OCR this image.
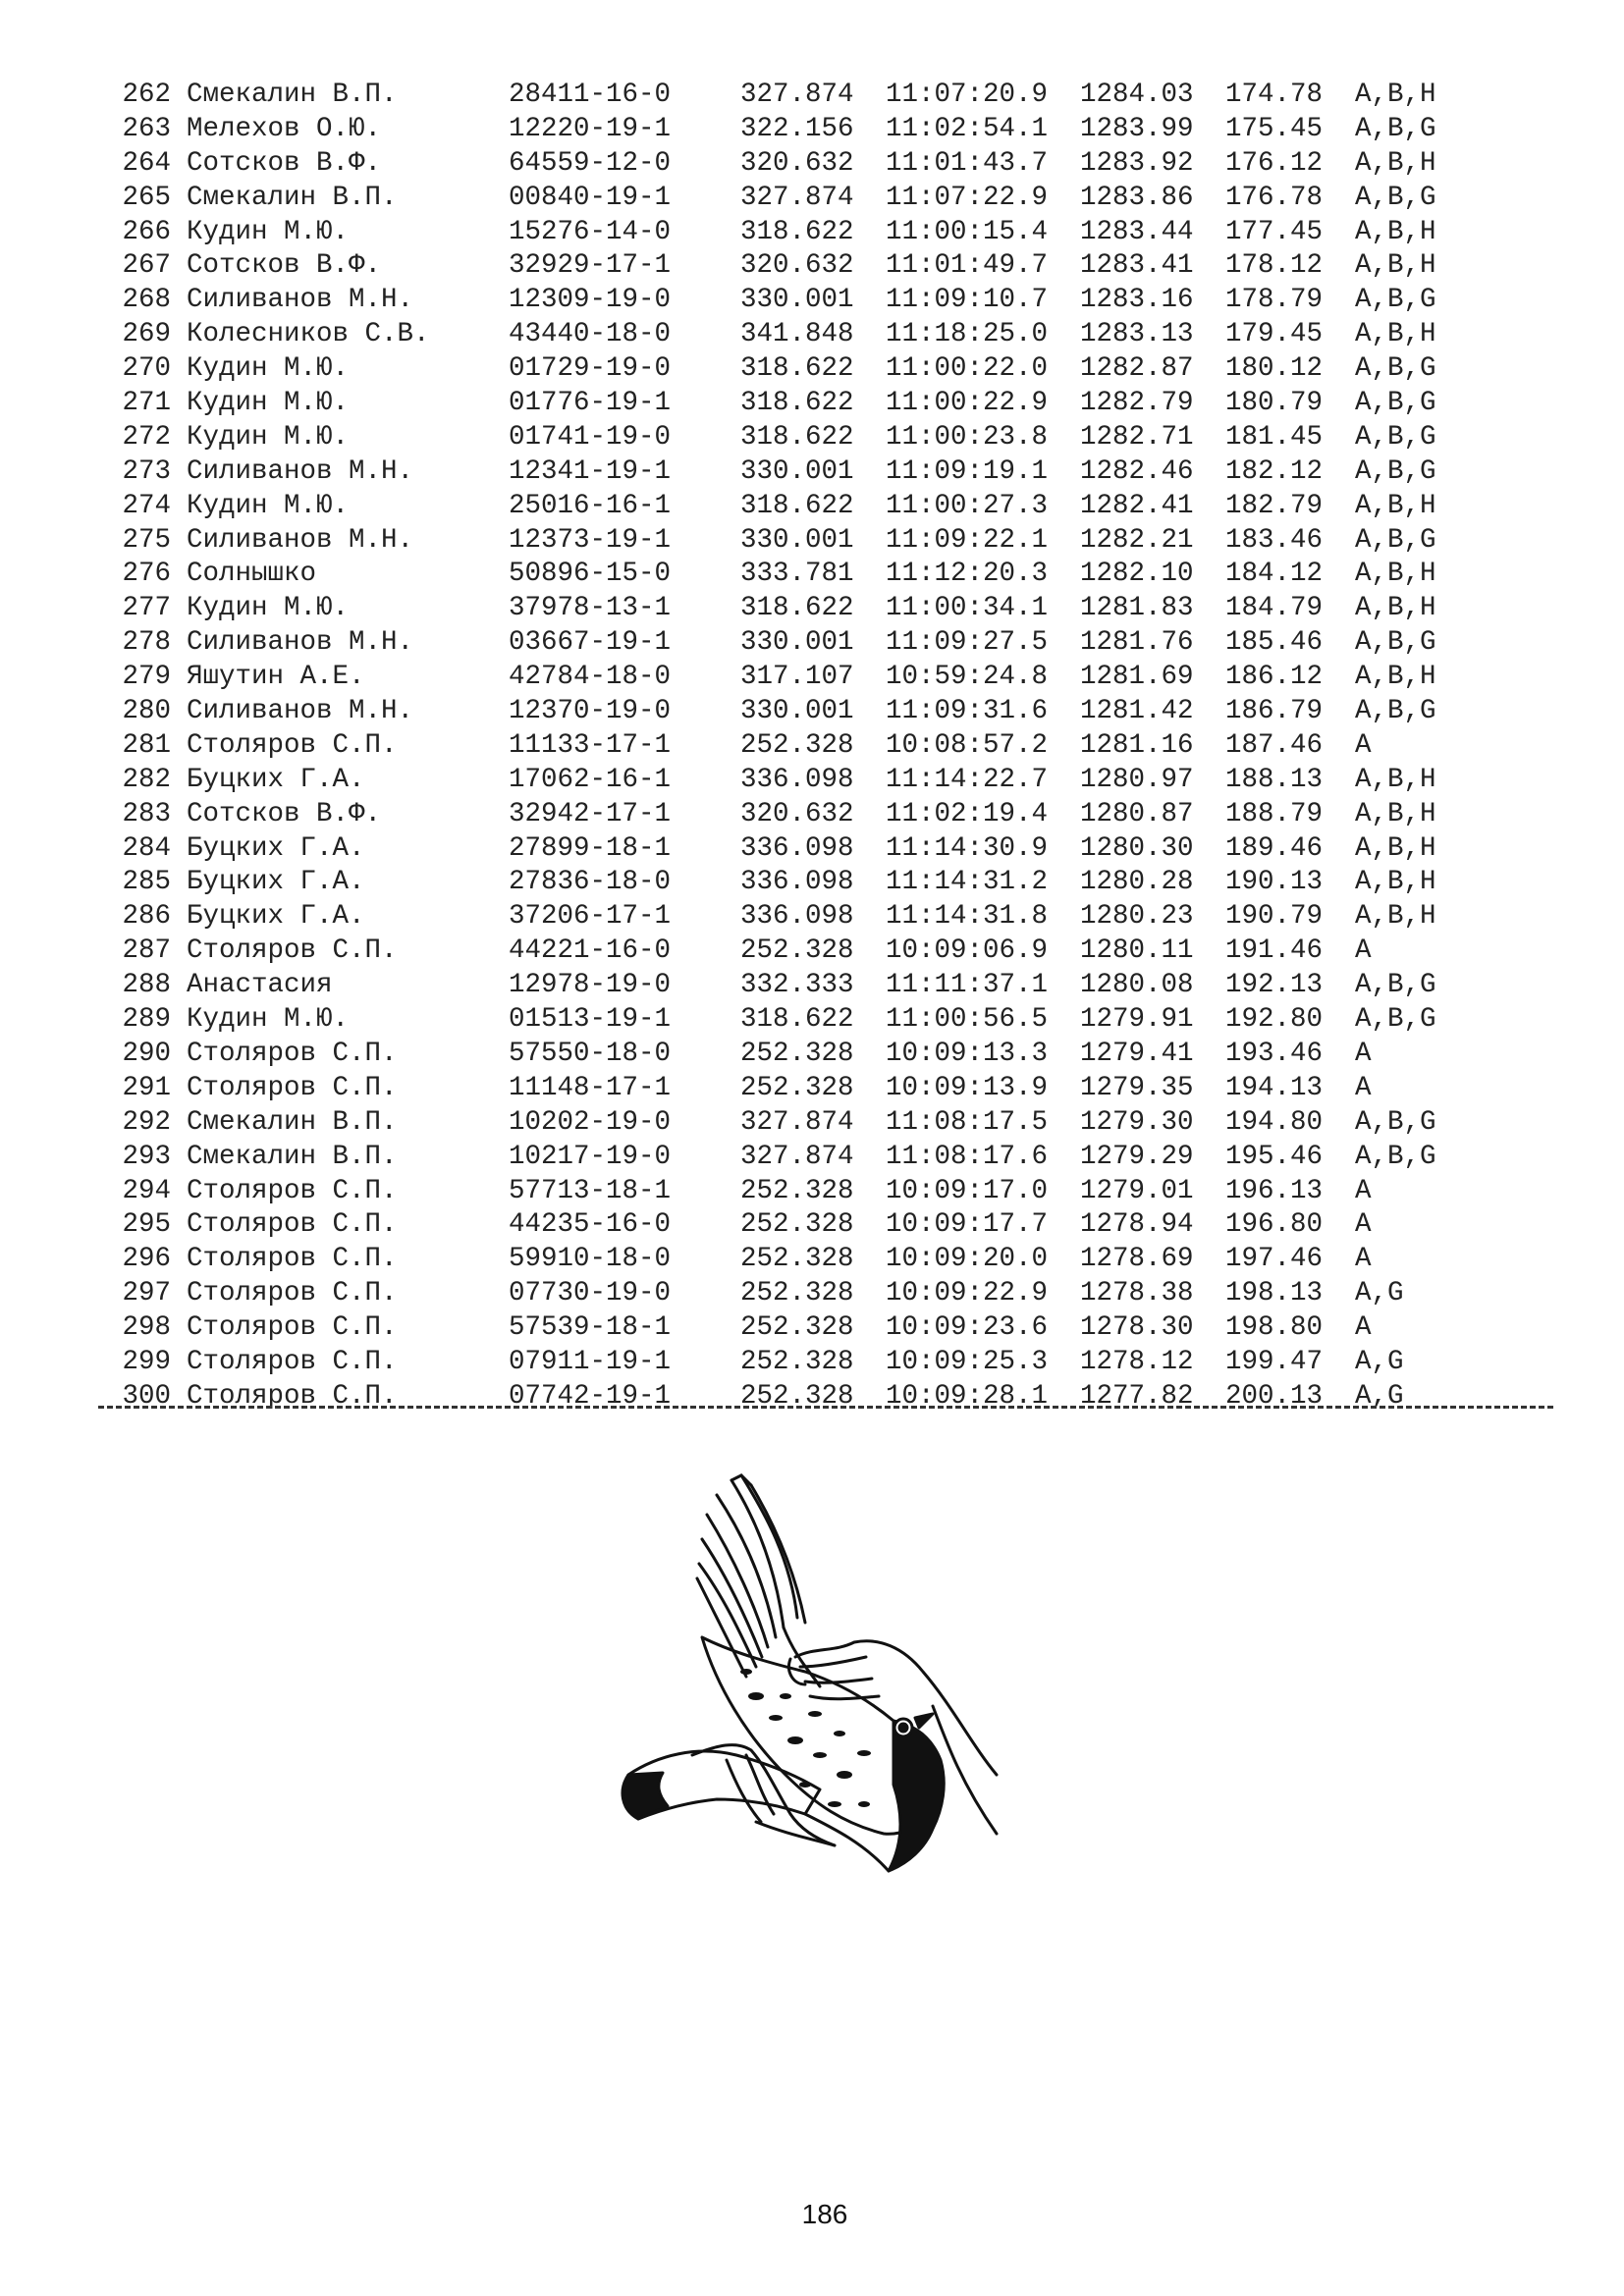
262 Смекалин В.П.	28411-16-0	327.874	11:07:20.9	1284.03	174.78	A,B,H
263 Мелехов О.Ю.	12220-19-1	322.156	11:02:54.1	1283.99	175.45	A,B,G
264 Сотсков В.Ф.	64559-12-0	320.632	11:01:43.7	1283.92	176.12	A,B,H
265 Смекалин В.П.	00840-19-1	327.874	11:07:22.9	1283.86	176.78	A,B,G
266 Кудин М.Ю.	15276-14-0	318.622	11:00:15.4	1283.44	177.45	A,B,H
267 Сотсков В.Ф.	32929-17-1	320.632	11:01:49.7	1283.41	178.12	A,B,H
268 Силиванов М.Н.	12309-19-0	330.001	11:09:10.7	1283.16	178.79	A,B,G
269 Колесников С.В.	43440-18-0	341.848	11:18:25.0	1283.13	179.45	A,B,H
270 Кудин М.Ю.	01729-19-0	318.622	11:00:22.0	1282.87	180.12	A,B,G
271 Кудин М.Ю.	01776-19-1	318.622	11:00:22.9	1282.79	180.79	A,B,G
272 Кудин М.Ю.	01741-19-0	318.622	11:00:23.8	1282.71	181.45	A,B,G
273 Силиванов М.Н.	12341-19-1	330.001	11:09:19.1	1282.46	182.12	A,B,G
274 Кудин М.Ю.	25016-16-1	318.622	11:00:27.3	1282.41	182.79	A,B,H
275 Силиванов М.Н.	12373-19-1	330.001	11:09:22.1	1282.21	183.46	A,B,G
276 Солнышко	50896-15-0	333.781	11:12:20.3	1282.10	184.12	A,B,H
277 Кудин М.Ю.	37978-13-1	318.622	11:00:34.1	1281.83	184.79	A,B,H
278 Силиванов М.Н.	03667-19-1	330.001	11:09:27.5	1281.76	185.46	A,B,G
279 Яшутин А.Е.	42784-18-0	317.107	10:59:24.8	1281.69	186.12	A,B,H
280 Силиванов М.Н.	12370-19-0	330.001	11:09:31.6	1281.42	186.79	A,B,G
281 Столяров С.П.	11133-17-1	252.328	10:08:57.2	1281.16	187.46	A
282 Буцких Г.А.	17062-16-1	336.098	11:14:22.7	1280.97	188.13	A,B,H
283 Сотсков В.Ф.	32942-17-1	320.632	11:02:19.4	1280.87	188.79	A,B,H
284 Буцких Г.А.	27899-18-1	336.098	11:14:30.9	1280.30	189.46	A,B,H
285 Буцких Г.А.	27836-18-0	336.098	11:14:31.2	1280.28	190.13	A,B,H
286 Буцких Г.А.	37206-17-1	336.098	11:14:31.8	1280.23	190.79	A,B,H
287 Столяров С.П.	44221-16-0	252.328	10:09:06.9	1280.11	191.46	A
288 Анастасия	12978-19-0	332.333	11:11:37.1	1280.08	192.13	A,B,G
289 Кудин М.Ю.	01513-19-1	318.622	11:00:56.5	1279.91	192.80	A,B,G
290 Столяров С.П.	57550-18-0	252.328	10:09:13.3	1279.41	193.46	A
291 Столяров С.П.	11148-17-1	252.328	10:09:13.9	1279.35	194.13	A
292 Смекалин В.П.	10202-19-0	327.874	11:08:17.5	1279.30	194.80	A,B,G
293 Смекалин В.П.	10217-19-0	327.874	11:08:17.6	1279.29	195.46	A,B,G
294 Столяров С.П.	57713-18-1	252.328	10:09:17.0	1279.01	196.13	A
295 Столяров С.П.	44235-16-0	252.328	10:09:17.7	1278.94	196.80	A
296 Столяров С.П.	59910-18-0	252.328	10:09:20.0	1278.69	197.46	A
297 Столяров С.П.	07730-19-0	252.328	10:09:22.9	1278.38	198.13	A,G
298 Столяров С.П.	57539-18-1	252.328	10:09:23.6	1278.30	198.80	A
299 Столяров С.П.	07911-19-1	252.328	10:09:25.3	1278.12	199.47	A,G
300 Столяров С.П.	07742-19-1	252.328	10:09:28.1	1277.82	200.13	A,G
186
